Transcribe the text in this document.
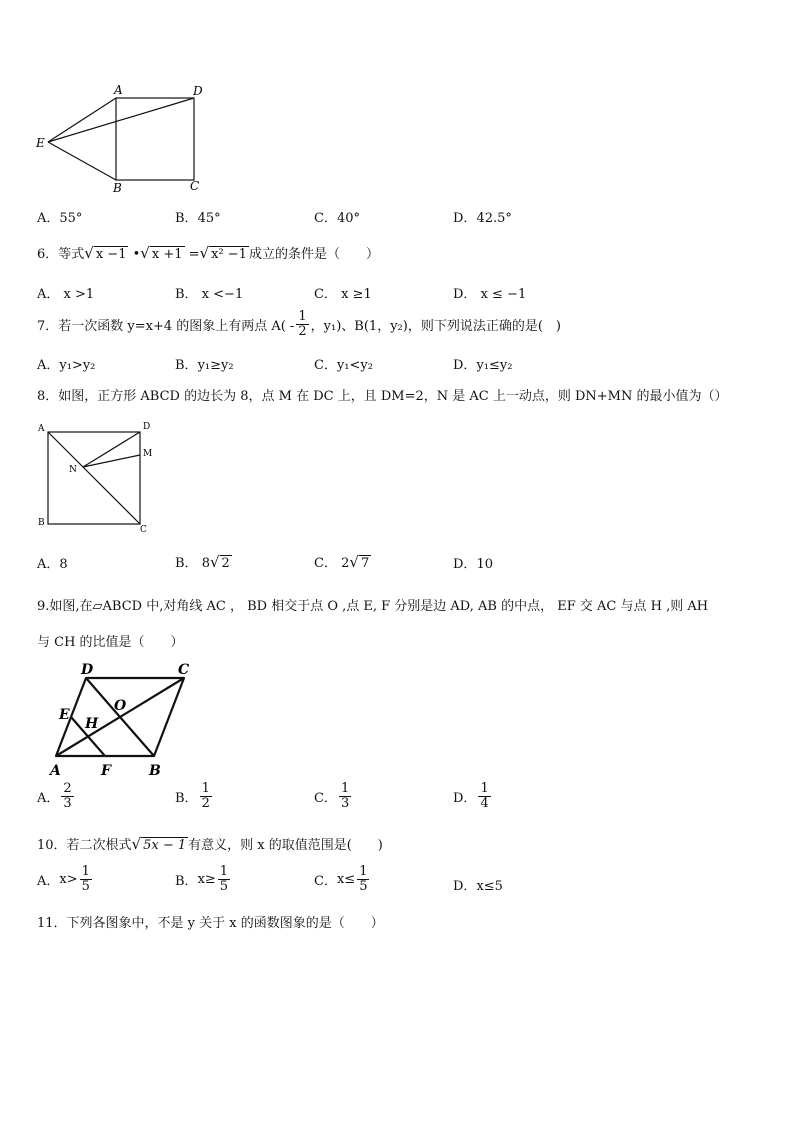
A	D
E
B	C
A．55°	B．45°	C．40°	D．42.5°
6．等式√ x −1 •√ x +1 =√ x² −1 成立的条件是（　　）
A． x >1	B． x <−1	C． x ≥1	D． x ≤ −1
7．若一次函数 y=x+4 的图象上有两点 $A( - \frac{1}{2}$ ，y₁)、B(1，y₂)，则下列说法正确的是(　)
A．y₁>y₂	B．y₁≥y₂	C．y₁<y₂	D．y₁≤y₂
8．如图，正方形 ABCD 的边长为 8，点 M 在 DC 上，且 DM=2，N 是 AC 上一动点，则 DN+MN 的最小值为（）
A	D
M
N
B
C
A．8	B． 8√ 2	C． 2√ 7	D．10
9.如图,在▱ABCD 中,对角线 AC ， BD 相交于点 O ,点 E, F 分别是边 AD, AB 的中点， EF 交 AC 与点 H ,则 AH
与 CH 的比值是（　　）
D	C
E
H
O
A	F	B
A． $\frac{2}{3}$	B． $\frac{1}{2}$	C． $\frac{1}{3}$	D． $\frac{1}{4}$
10．若二次根式√ 5x − 1 有意义，则 x 的取值范围是(　　)
A． $x> \frac{1}{5}$	B． $x\ge \frac{1}{5}$	C． $x\le \frac{1}{5}$	D．x≤5
11．下列各图象中，不是 y 关于 x 的函数图象的是（　　）
